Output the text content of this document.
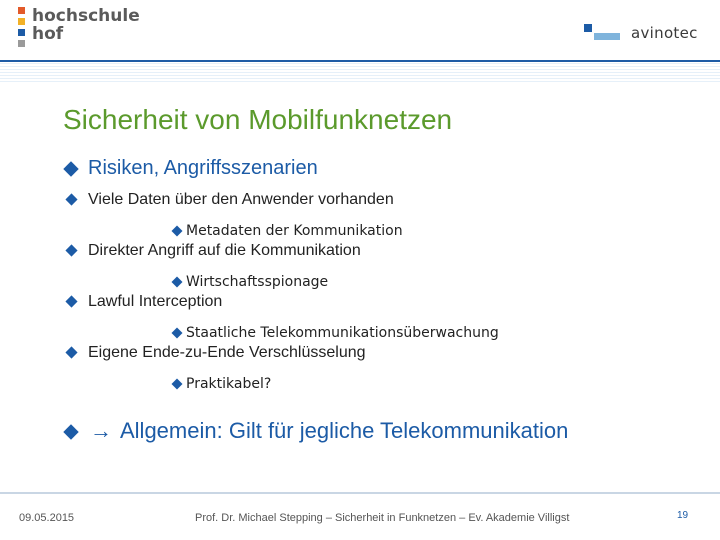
hochschule
hof	avinotec
Sicherheit von Mobilfunknetzen
Risiken, Angriffsszenarien
Viele Daten über den Anwender vorhanden
Metadaten der Kommunikation
Direkter Angriff auf die Kommunikation
Wirtschaftsspionage
Lawful Interception
Staatliche Telekommunikationsüberwachung
Eigene Ende-zu-Ende Verschlüsselung
Praktikabel?
→ Allgemein: Gilt für jegliche Telekommunikation
09.05.2015	Prof. Dr. Michael Stepping – Sicherheit in Funknetzen – Ev. Akademie Villigst	19
